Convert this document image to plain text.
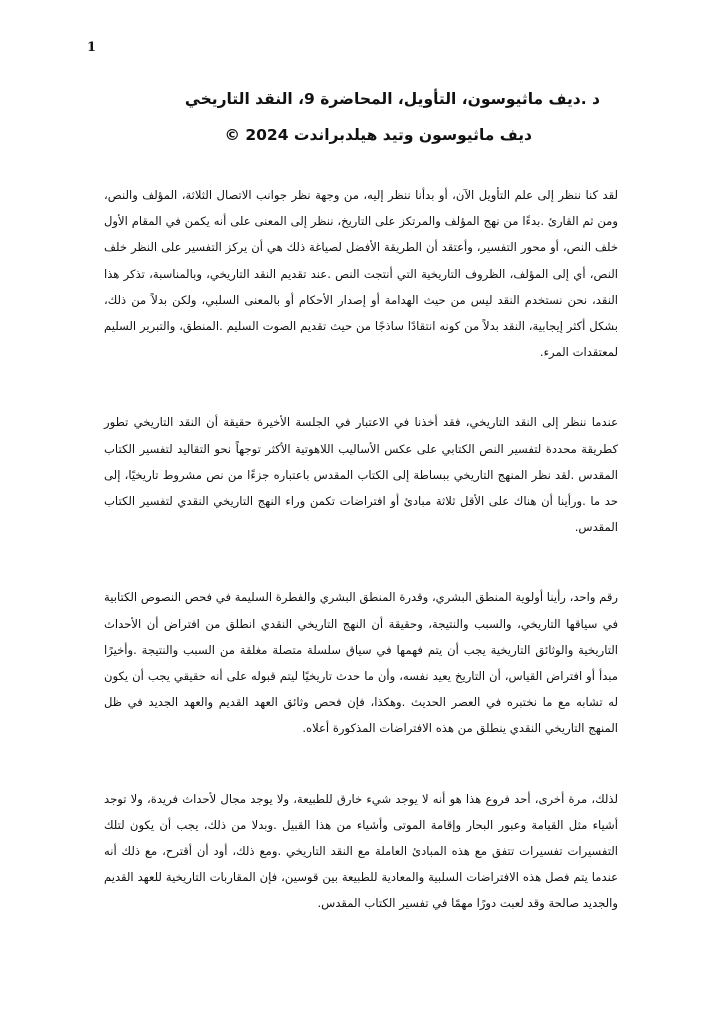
1
د .ديف ماثيوسون، التأويل، المحاضرة 9، النقد التاريخي
ديف ماثيوسون وتيد هيلدبراندت 2024 ©

لقد كنا ننظر إلى علم التأويل الآن، أو بدأنا ننظر إليه، من وجهة نظر جوانب الاتصال الثلاثة، المؤلف والنص، ومن ثم القارئ .بدءًا من نهج المؤلف والمرتكز على التاريخ، ننظر إلى المعنى على أنه يكمن في المقام الأول خلف النص، أو محور التفسير، وأعتقد أن الطريقة الأفضل لصياغة ذلك هي أن يركز التفسير على النظر خلف النص، أي إلى المؤلف، الظروف التاريخية التي أنتجت النص .عند تقديم النقد التاريخي، وبالمناسبة، تذكر هذا النقد، نحن نستخدم النقد ليس من حيث الهدامة أو إصدار الأحكام أو بالمعنى السلبي، ولكن بدلاً من ذلك، بشكل أكثر إيجابية، النقد بدلاً من كونه انتقادًا ساذجًا من حيث تقديم الصوت السليم .المنطق، والتبرير السليم لمعتقدات المرء.

عندما ننظر إلى النقد التاريخي، فقد أخذنا في الاعتبار في الجلسة الأخيرة حقيقة أن النقد التاريخي تطور كطريقة محددة لتفسير النص الكتابي على عكس الأساليب اللاهوتية الأكثر توجهاً نحو التقاليد لتفسير الكتاب المقدس .لقد نظر المنهج التاريخي ببساطة إلى الكتاب المقدس باعتباره جزءًا من نص مشروط تاريخيًا، إلى حد ما .ورأينا أن هناك على الأقل ثلاثة مبادئ أو افتراضات تكمن وراء النهج التاريخي النقدي لتفسير الكتاب المقدس.

رقم واحد، رأينا أولوية المنطق البشري، وقدرة المنطق البشري والفطرة السليمة في فحص النصوص الكتابية في سياقها التاريخي، والسبب والنتيجة، وحقيقة أن النهج التاريخي النقدي انطلق من افتراض أن الأحداث التاريخية والوثائق التاريخية يجب أن يتم فهمها في سياق سلسلة متصلة مغلقة من السبب والنتيجة .وأخيرًا مبدأ أو افتراض القياس، أن التاريخ يعيد نفسه، وأن ما حدث تاريخيًا ليتم قبوله على أنه حقيقي يجب أن يكون له تشابه مع ما نختبره في العصر الحديث .وهكذا، فإن فحص وثائق العهد القديم والعهد الجديد في ظل المنهج التاريخي النقدي ينطلق من هذه الافتراضات المذكورة أعلاه.

لذلك، مرة أخرى، أحد فروع هذا هو أنه لا يوجد شيء خارق للطبيعة، ولا يوجد مجال لأحداث فريدة، ولا توجد أشياء مثل القيامة وعبور البحار وإقامة الموتى وأشياء من هذا القبيل .وبدلا من ذلك، يجب أن يكون لتلك التفسيرات تفسيرات تتفق مع هذه المبادئ العاملة مع النقد التاريخي .ومع ذلك، أود أن أقترح، مع ذلك أنه عندما يتم فصل هذه الافتراضات السلبية والمعادية للطبيعة بين قوسين، فإن المقاربات التاريخية للعهد القديم والجديد صالحة وقد لعبت دورًا مهمًا في تفسير الكتاب المقدس.
